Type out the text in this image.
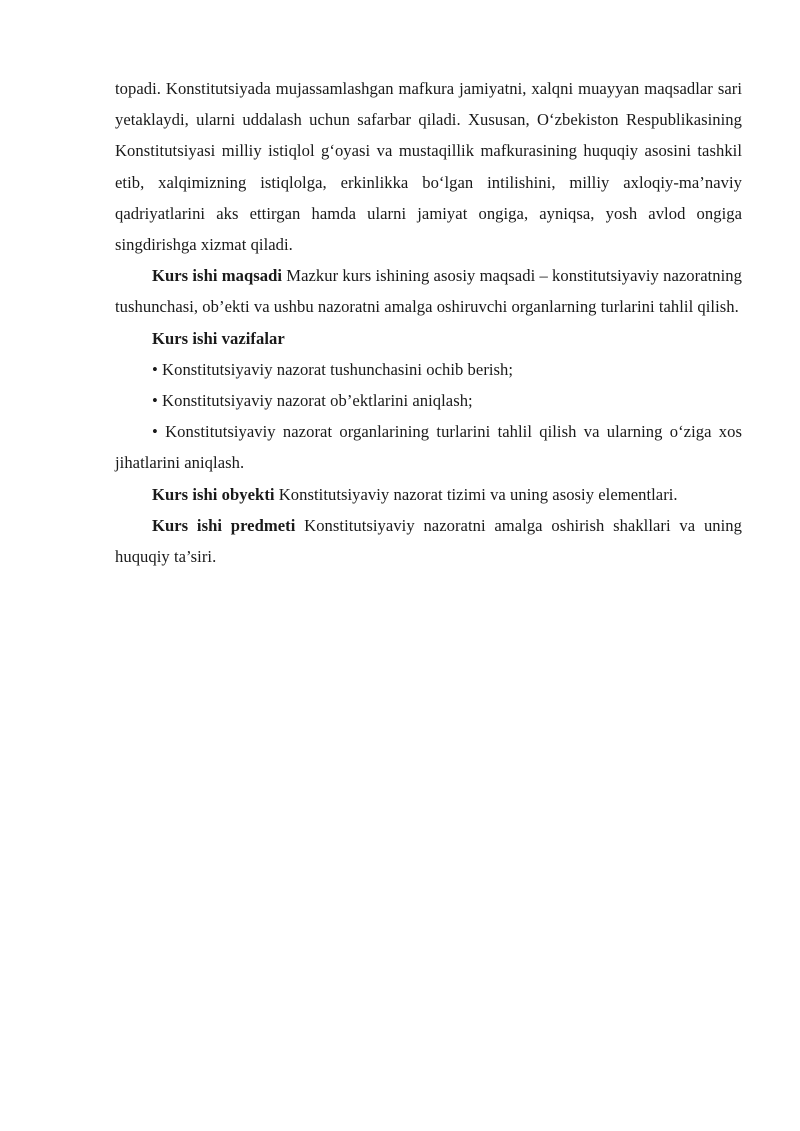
topadi. Konstitutsiyada mujassamlashgan mafkura jamiyatni, xalqni muayyan maqsadlar sari yetaklaydi, ularni uddalash uchun safarbar qiladi. Xususan, O‘zbekiston Respublikasining Konstitutsiyasi milliy istiqlol g‘oyasi va mustaqillik mafkurasining huquqiy asosini tashkil etib, xalqimizning istiqlolga, erkinlikka bo‘lgan intilishini, milliy axloqiy-ma’naviy qadriyatlarini aks ettirgan hamda ularni jamiyat ongiga, ayniqsa, yosh avlod ongiga singdirishga xizmat qiladi.

Kurs ishi maqsadi Mazkur kurs ishining asosiy maqsadi – konstitutsiyaviy nazoratning tushunchasi, ob’ekti va ushbu nazoratni amalga oshiruvchi organlarning turlarini tahlil qilish.

Kurs ishi vazifalar

• Konstitutsiyaviy nazorat tushunchasini ochib berish;

• Konstitutsiyaviy nazorat ob’ektlarini aniqlash;

• Konstitutsiyaviy nazorat organlarining turlarini tahlil qilish va ularning o‘ziga xos jihatlarini aniqlash.

Kurs ishi obyekti Konstitutsiyaviy nazorat tizimi va uning asosiy elementlari.

Kurs ishi predmeti Konstitutsiyaviy nazoratni amalga oshirish shakllari va uning huquqiy ta’siri.
